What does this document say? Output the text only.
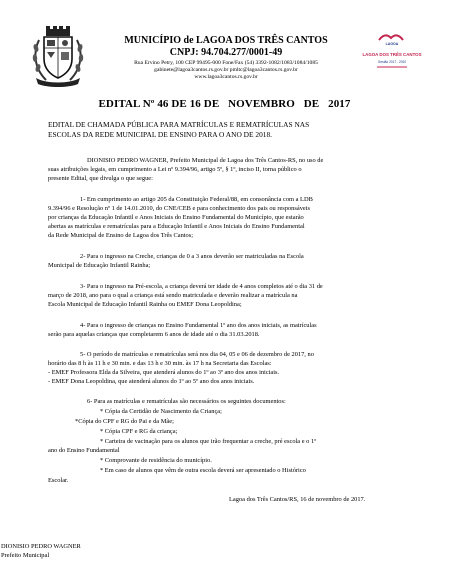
MUNICÍPIO de LAGOA DOS TRÊS CANTOS
CNPJ: 94.704.277/0001-49
Rua Ervino Petry, 100 CEP 99495-000 Fone/Fax (54) 3392-1082/1083/1084/1085
gabinete@lagoa3cantos.rs.gov.br pmltc@lagoa3cantos.rs.gov.br
www.lagoa3cantos.rs.gov.br
LAGOA
LAGOA DOS TRÊS CANTOS
Gestão 2017 - 2020
EDITAL Nº 46 DE 16 DE NOVEMBRO DE 2017
EDITAL DE CHAMADA PÚBLICA PARA MATRÍCULAS E REMATRÍCULAS NAS
ESCOLAS DA REDE MUNICIPAL DE ENSINO PARA O ANO DE 2018.
DIONISIO PEDRO WAGNER, Prefeito Municipal de Lagoa dos Três Cantos-RS, no uso de
suas atribuições legais, em cumprimento a Lei nº 9.394/96, artigo 5º, § 1º, inciso II, torna público o
presente Edital, que divulga o que segue:
1- Em cumprimento ao artigo 205 da Constituição Federal/88, em consonância com a LDB
9.394/96 e Resolução nº 1 de 14.01.2010, do CNE/CEB e para conhecimento dos pais ou responsáveis
por crianças da Educação Infantil e Anos Iniciais do Ensino Fundamental do Município, que estarão
abertas as matrículas e rematrículas para a Educação Infantil e Anos Iniciais do Ensino Fundamental
da Rede Municipal de Ensino de Lagoa dos Três Cantos;
2- Para o ingresso na Creche, crianças de 0 a 3 anos deverão ser matriculadas na Escola
Municipal de Educação Infantil Rainha;
3- Para o ingresso na Pré-escola, a criança deverá ter idade de 4 anos completos até o dia 31 de
março de 2018, ano para o qual a criança está sendo matriculada e deverão realizar a matrícula na
Escola Municipal de Educação Infantil Rainha ou EMEF Dona Leopoldina;
4- Para o ingresso de crianças no Ensino Fundamental 1º ano dos anos iniciais, as matrículas
serão para aquelas crianças que completarem 6 anos de idade até o dia 31.03.2018.
5- O período de matrículas e rematrículas será nos dia 04, 05 e 06 de dezembro de 2017, no
horário das 8 h às 11 h e 30 min. e das 13 h e 30 min. às 17 h na Secretaria das Escolas:
- EMEF Professora Elda da Silveira, que atenderá alunos do 1º ao 3º ano dos anos iniciais.
- EMEF Dona Leopoldina, que atenderá alunos do 1º ao 5º ano dos anos iniciais.
6- Para as matrículas e rematrículas são necessários os seguintes documentos:
* Cópia da Certidão de Nascimento da Criança;
*Cópia do CPF e RG do Pai e da Mãe;
* Cópia CPF e RG da criança;
* Carteira de vacinação para os alunos que irão frequentar a creche, pré escola e o 1º
ano do Ensino Fundamental
* Comprovante de residência do município.
* Em caso de alunos que vêm de outra escola deverá ser apresentado o Histórico
Escolar.
Lagoa dos Três Cantos/RS, 16 de novembro de 2017.
DIONISIO PEDRO WAGNER
Prefeito Municipal
